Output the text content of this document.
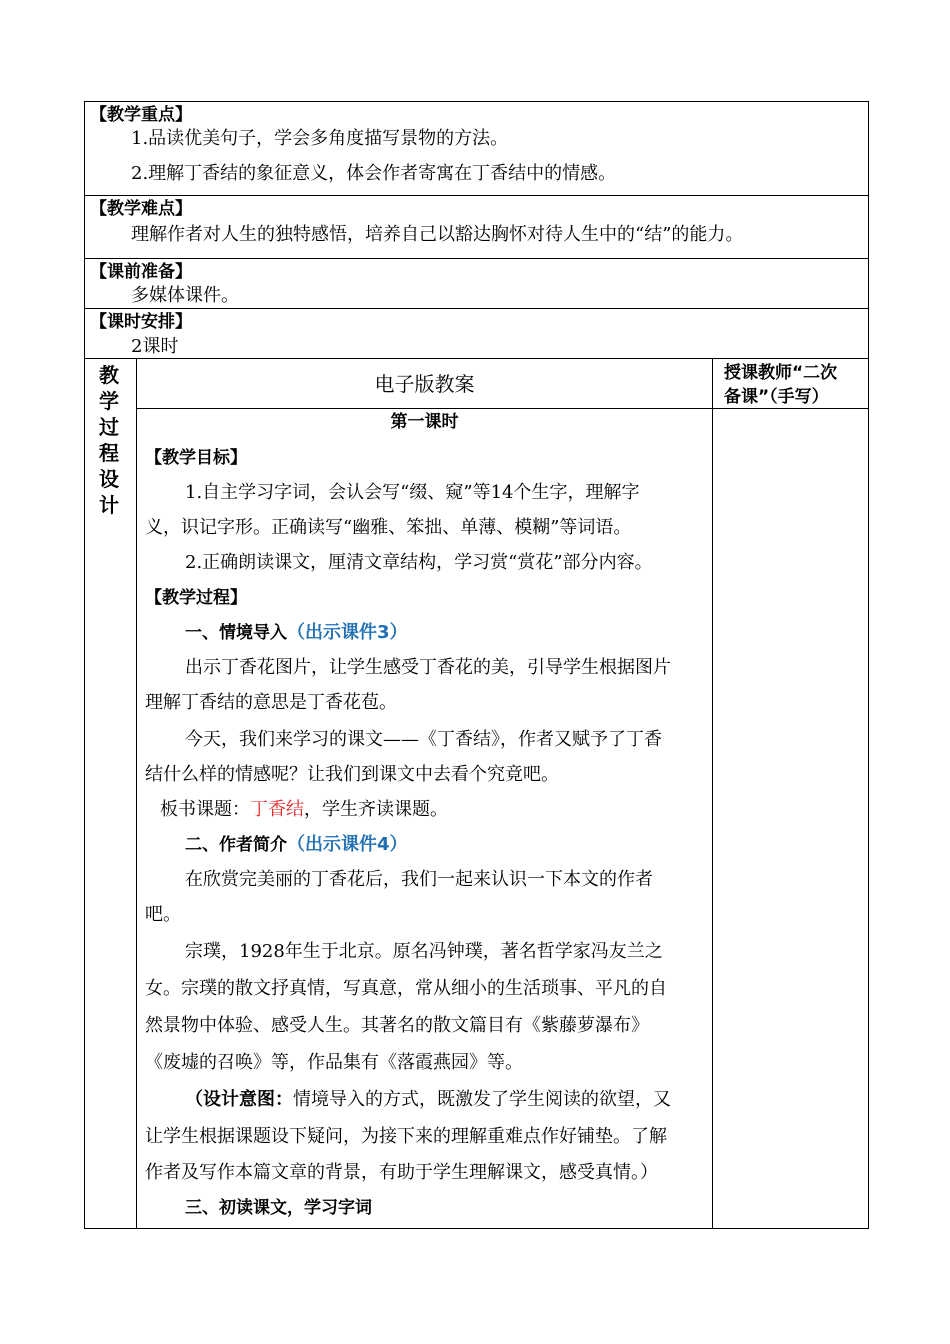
【教学重点】
1.品读优美句子，学会多角度描写景物的方法。
2.理解丁香结的象征意义，体会作者寄寓在丁香结中的情感。
【教学难点】
理解作者对人生的独特感悟，培养自己以豁达胸怀对待人生中的“结”的能力。
【课前准备】
多媒体课件。
【课时安排】
2课时
教
学
过
程
设
计
电子版教案	授课教师“二次
备课”（手写）
第一课时
【教学目标】
1.自主学习字词，会认会写“缀、窥”等14个生字，理解字
义，识记字形。正确读写“幽雅、笨拙、单薄、模糊”等词语。
2.正确朗读课文，厘清文章结构，学习赏“赏花”部分内容。
【教学过程】
一、情境导入（出示课件3）
出示丁香花图片，让学生感受丁香花的美，引导学生根据图片
理解丁香结的意思是丁香花苞。
今天，我们来学习的课文——《丁香结》，作者又赋予了丁香
结什么样的情感呢？让我们到课文中去看个究竟吧。
板书课题：丁香结，学生齐读课题。
二、作者简介（出示课件4）
在欣赏完美丽的丁香花后，我们一起来认识一下本文的作者
吧。
宗璞，1928年生于北京。原名冯钟璞，著名哲学家冯友兰之
女。宗璞的散文抒真情，写真意，常从细小的生活琐事、平凡的自
然景物中体验、感受人生。其著名的散文篇目有《紫藤萝瀑布》
《废墟的召唤》等，作品集有《落霞燕园》等。
（设计意图：情境导入的方式，既激发了学生阅读的欲望，又
让学生根据课题设下疑问，为接下来的理解重难点作好铺垫。了解
作者及写作本篇文章的背景，有助于学生理解课文，感受真情。）
三、初读课文，学习字词
